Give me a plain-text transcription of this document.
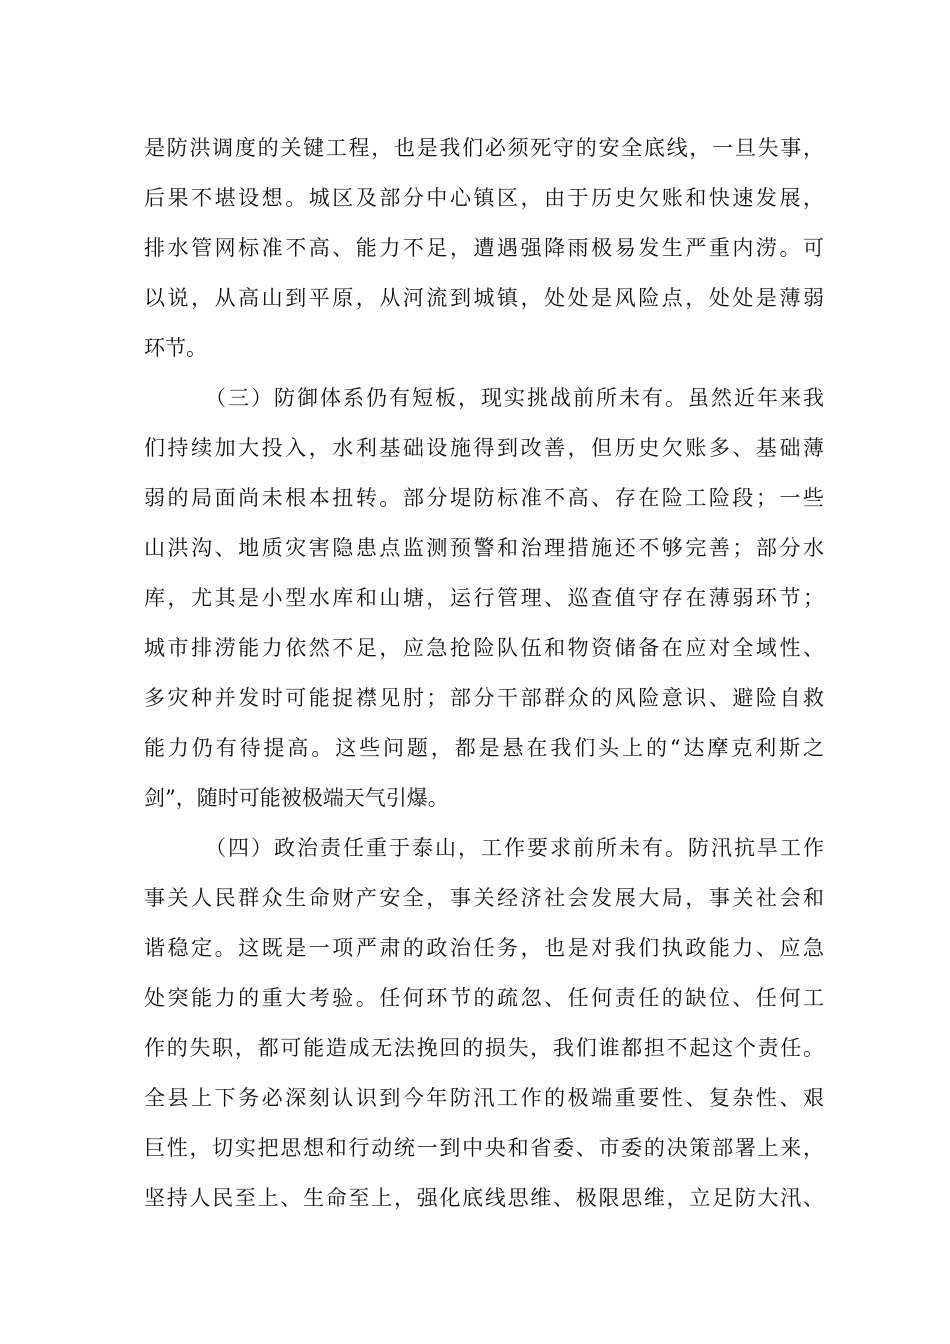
是防洪调度的关键工程，也是我们必须死守的安全底线，一旦失事，
后果不堪设想。城区及部分中心镇区，由于历史欠账和快速发展，
排水管网标准不高、能力不足，遭遇强降雨极易发生严重内涝。可
以说，从高山到平原，从河流到城镇，处处是风险点，处处是薄弱
环节。
（三）防御体系仍有短板，现实挑战前所未有。虽然近年来我
们持续加大投入，水利基础设施得到改善，但历史欠账多、基础薄
弱的局面尚未根本扭转。部分堤防标准不高、存在险工险段；一些
山洪沟、地质灾害隐患点监测预警和治理措施还不够完善；部分水
库，尤其是小型水库和山塘，运行管理、巡查值守存在薄弱环节；
城市排涝能力依然不足，应急抢险队伍和物资储备在应对全域性、
多灾种并发时可能捉襟见肘；部分干部群众的风险意识、避险自救
能力仍有待提高。这些问题，都是悬在我们头上的“达摩克利斯之
剑”，随时可能被极端天气引爆。
（四）政治责任重于泰山，工作要求前所未有。防汛抗旱工作
事关人民群众生命财产安全，事关经济社会发展大局，事关社会和
谐稳定。这既是一项严肃的政治任务，也是对我们执政能力、应急
处突能力的重大考验。任何环节的疏忽、任何责任的缺位、任何工
作的失职，都可能造成无法挽回的损失，我们谁都担不起这个责任。
全县上下务必深刻认识到今年防汛工作的极端重要性、复杂性、艰
巨性，切实把思想和行动统一到中央和省委、市委的决策部署上来，
坚持人民至上、生命至上，强化底线思维、极限思维，立足防大汛、
